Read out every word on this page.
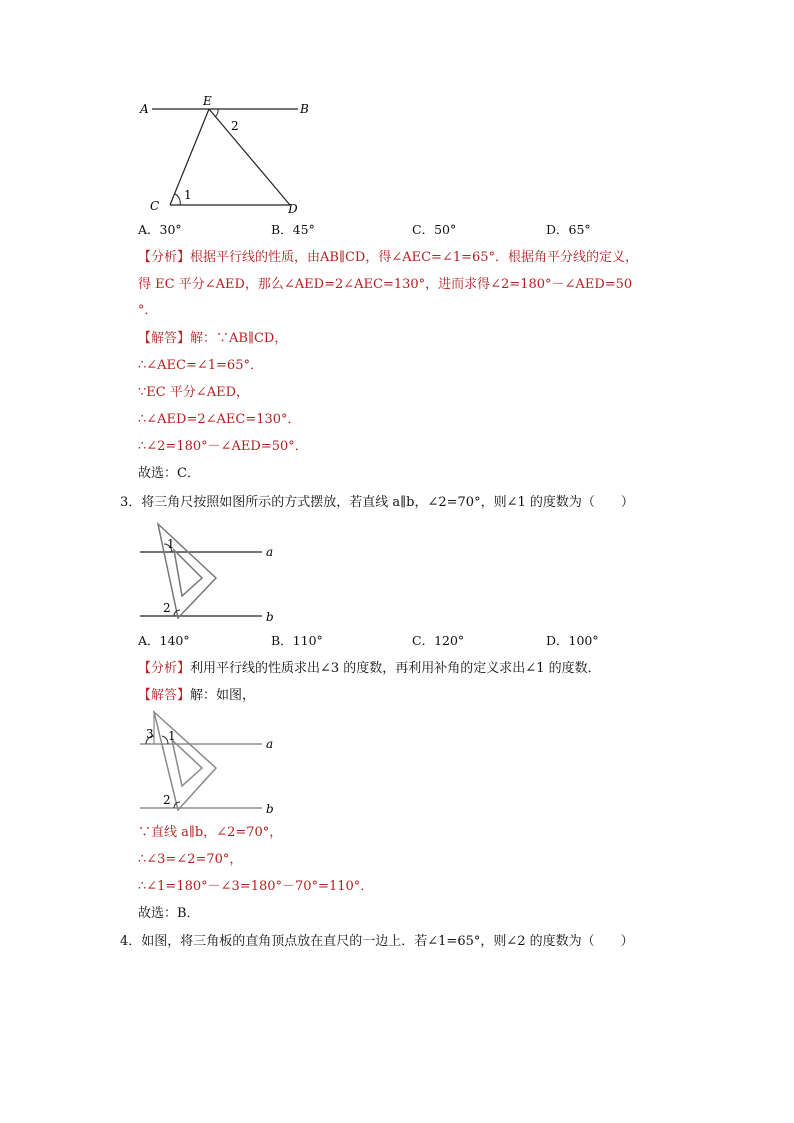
A	B
E
C	D
1
2
A．30°	B．45°	C．50°	D．65°
【分析】根据平行线的性质，由AB∥CD，得∠AEC=∠1=65°．根据角平分线的定义，
得 EC 平分∠AED，那么∠AED=2∠AEC=130°，进而求得∠2=180°－∠AED=50
°．
【解答】解：∵AB∥CD，
∴∠AEC=∠1=65°．
∵EC 平分∠AED，
∴∠AED=2∠AEC=130°．
∴∠2=180°－∠AED=50°．
故选：C．
3．将三角尺按照如图所示的方式摆放，若直线 a∥b，∠2=70°，则∠1 的度数为（　　）
a
b
1
2
A．140°	B．110°	C．120°	D．100°
【分析】利用平行线的性质求出∠3 的度数，再利用补角的定义求出∠1 的度数．
【解答】解：如图，
a
b
3 1
2
∵直线 a∥b，∠2=70°，
∴∠3=∠2=70°，
∴∠1=180°－∠3=180°－70°=110°．
故选：B．
4．如图，将三角板的直角顶点放在直尺的一边上．若∠1=65°，则∠2 的度数为（　　）
